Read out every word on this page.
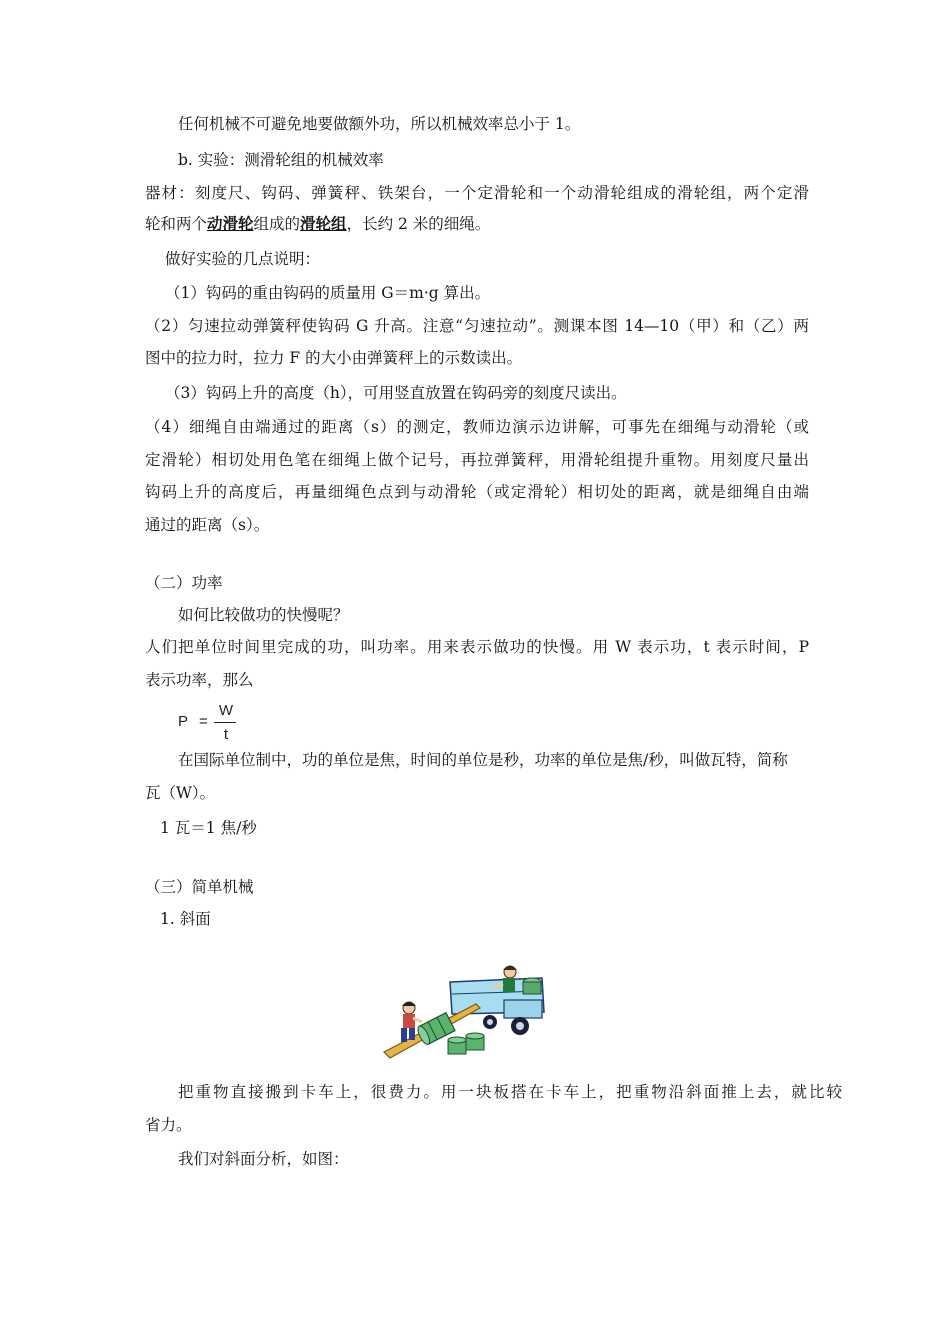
任何机械不可避免地要做额外功，所以机械效率总小于 1。
b. 实验：测滑轮组的机械效率
器材：刻度尺、钩码、弹簧秤、铁架台，一个定滑轮和一个动滑轮组成的滑轮组，两个定滑
轮和两个动滑轮组成的滑轮组，长约 2 米的细绳。
做好实验的几点说明：
（1）钩码的重由钩码的质量用 G＝m·g 算出。
（2）匀速拉动弹簧秤使钩码 G 升高。注意“匀速拉动”。测课本图 14—10（甲）和（乙）两
图中的拉力时，拉力 F 的大小由弹簧秤上的示数读出。
（3）钩码上升的高度（h），可用竖直放置在钩码旁的刻度尺读出。
（4）细绳自由端通过的距离（s）的测定，教师边演示边讲解，可事先在细绳与动滑轮（或
定滑轮）相切处用色笔在细绳上做个记号，再拉弹簧秤，用滑轮组提升重物。用刻度尺量出
钩码上升的高度后，再量细绳色点到与动滑轮（或定滑轮）相切处的距离，就是细绳自由端
通过的距离（s）。
（二）功率
如何比较做功的快慢呢？
人们把单位时间里完成的功，叫功率。用来表示做功的快慢。用 W 表示功，t 表示时间，P
表示功率，那么
P =
W
t
在国际单位制中，功的单位是焦，时间的单位是秒，功率的单位是焦/秒，叫做瓦特，简称
瓦（W）。
1 瓦＝1 焦/秒
（三）简单机械
1. 斜面
把重物直接搬到卡车上，很费力。用一块板搭在卡车上，把重物沿斜面推上去，就比较
省力。
我们对斜面分析，如图：
